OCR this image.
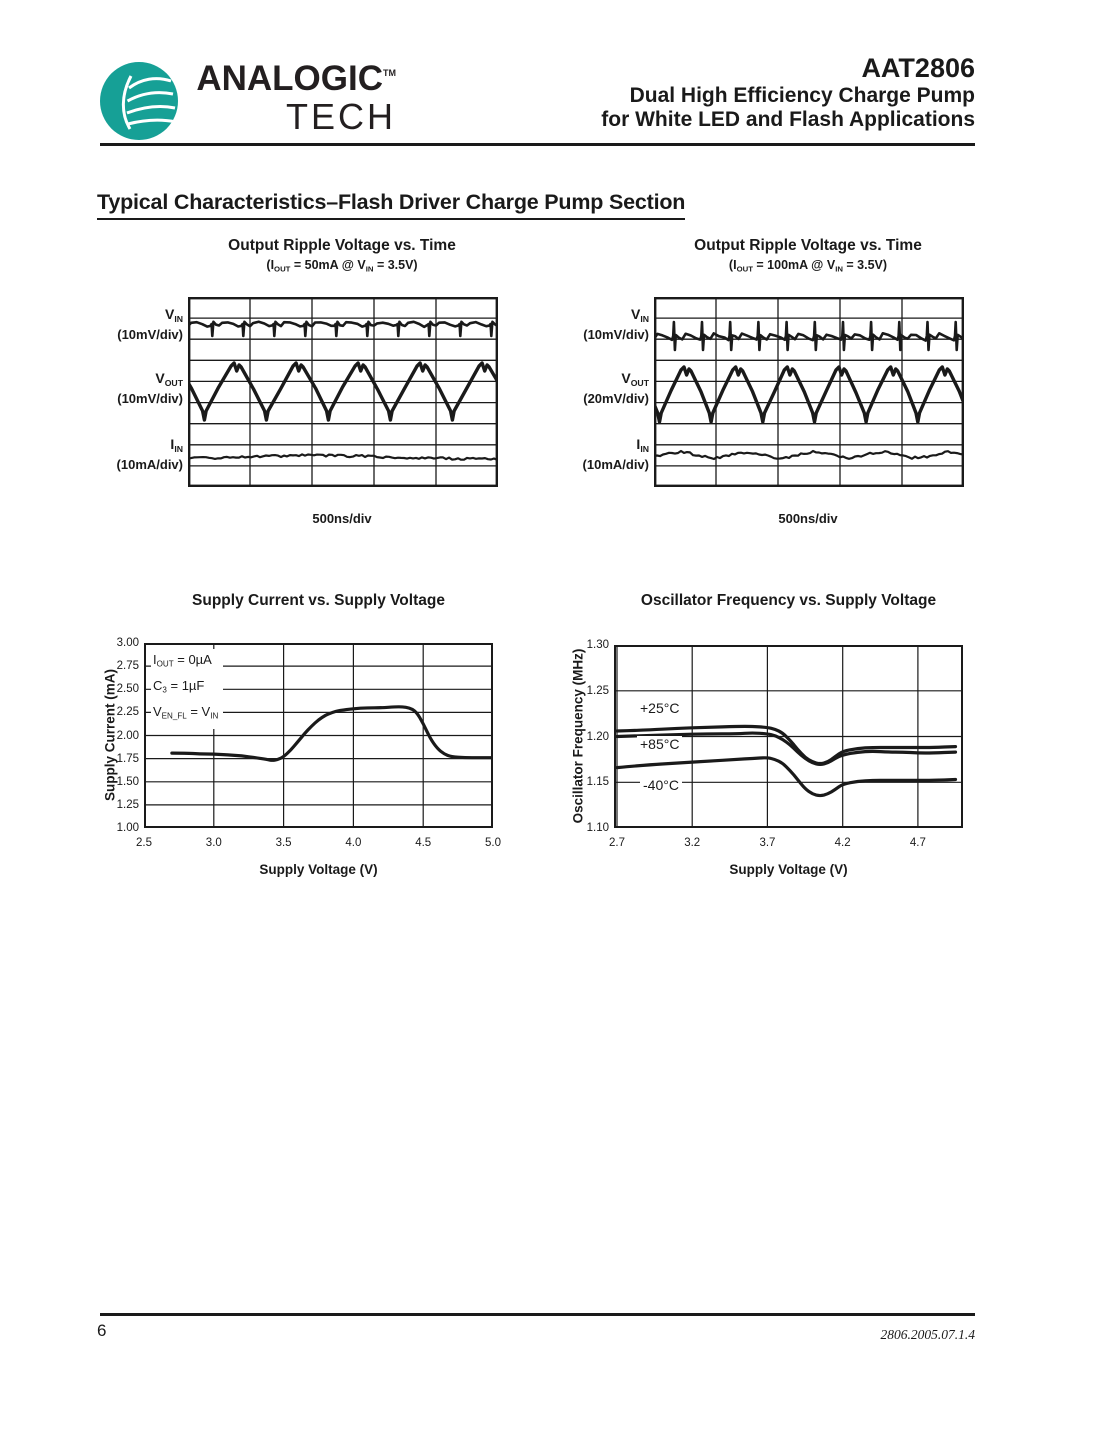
ANALOGIC™
TECH
AAT2806
Dual High Efficiency Charge Pump
for White LED and Flash Applications
Typical Characteristics–Flash Driver Charge Pump Section
Output Ripple Voltage vs. Time
($I_{OUT} = 50mA$ @ $V_{IN} = 3.5V$)
$V_{IN}$
(10mV/div)
$V_{OUT}$
(10mV/div)
$I_{IN}$
(10mA/div)
500ns/div
Output Ripple Voltage vs. Time
($I_{OUT} = 100mA$ @ $V_{IN} = 3.5V$)
$V_{IN}$
(10mV/div)
$V_{OUT}$
(20mV/div)
$I_{IN}$
(10mA/div)
500ns/div
Supply Current vs. Supply Voltage
Supply Current (mA)
$I_{OUT} = 0\mu A$
$C_3 = 1\mu F$
$V_{EN\_FL} = V_{IN}$
Supply Voltage (V)
Oscillator Frequency vs. Supply Voltage
Oscillator Frequency (MHz)	+25°C
+85°C
-40°C
Supply Voltage (V)
6	2806.2005.07.1.4
1.00
1.25
1.50
1.75
2.00
2.25
2.50
2.75
3.00
2.5	3.0	3.5	4.0	4.5	5.0
1.10
1.15
1.20
1.25
1.30
2.7	3.2	3.7	4.2	4.7
